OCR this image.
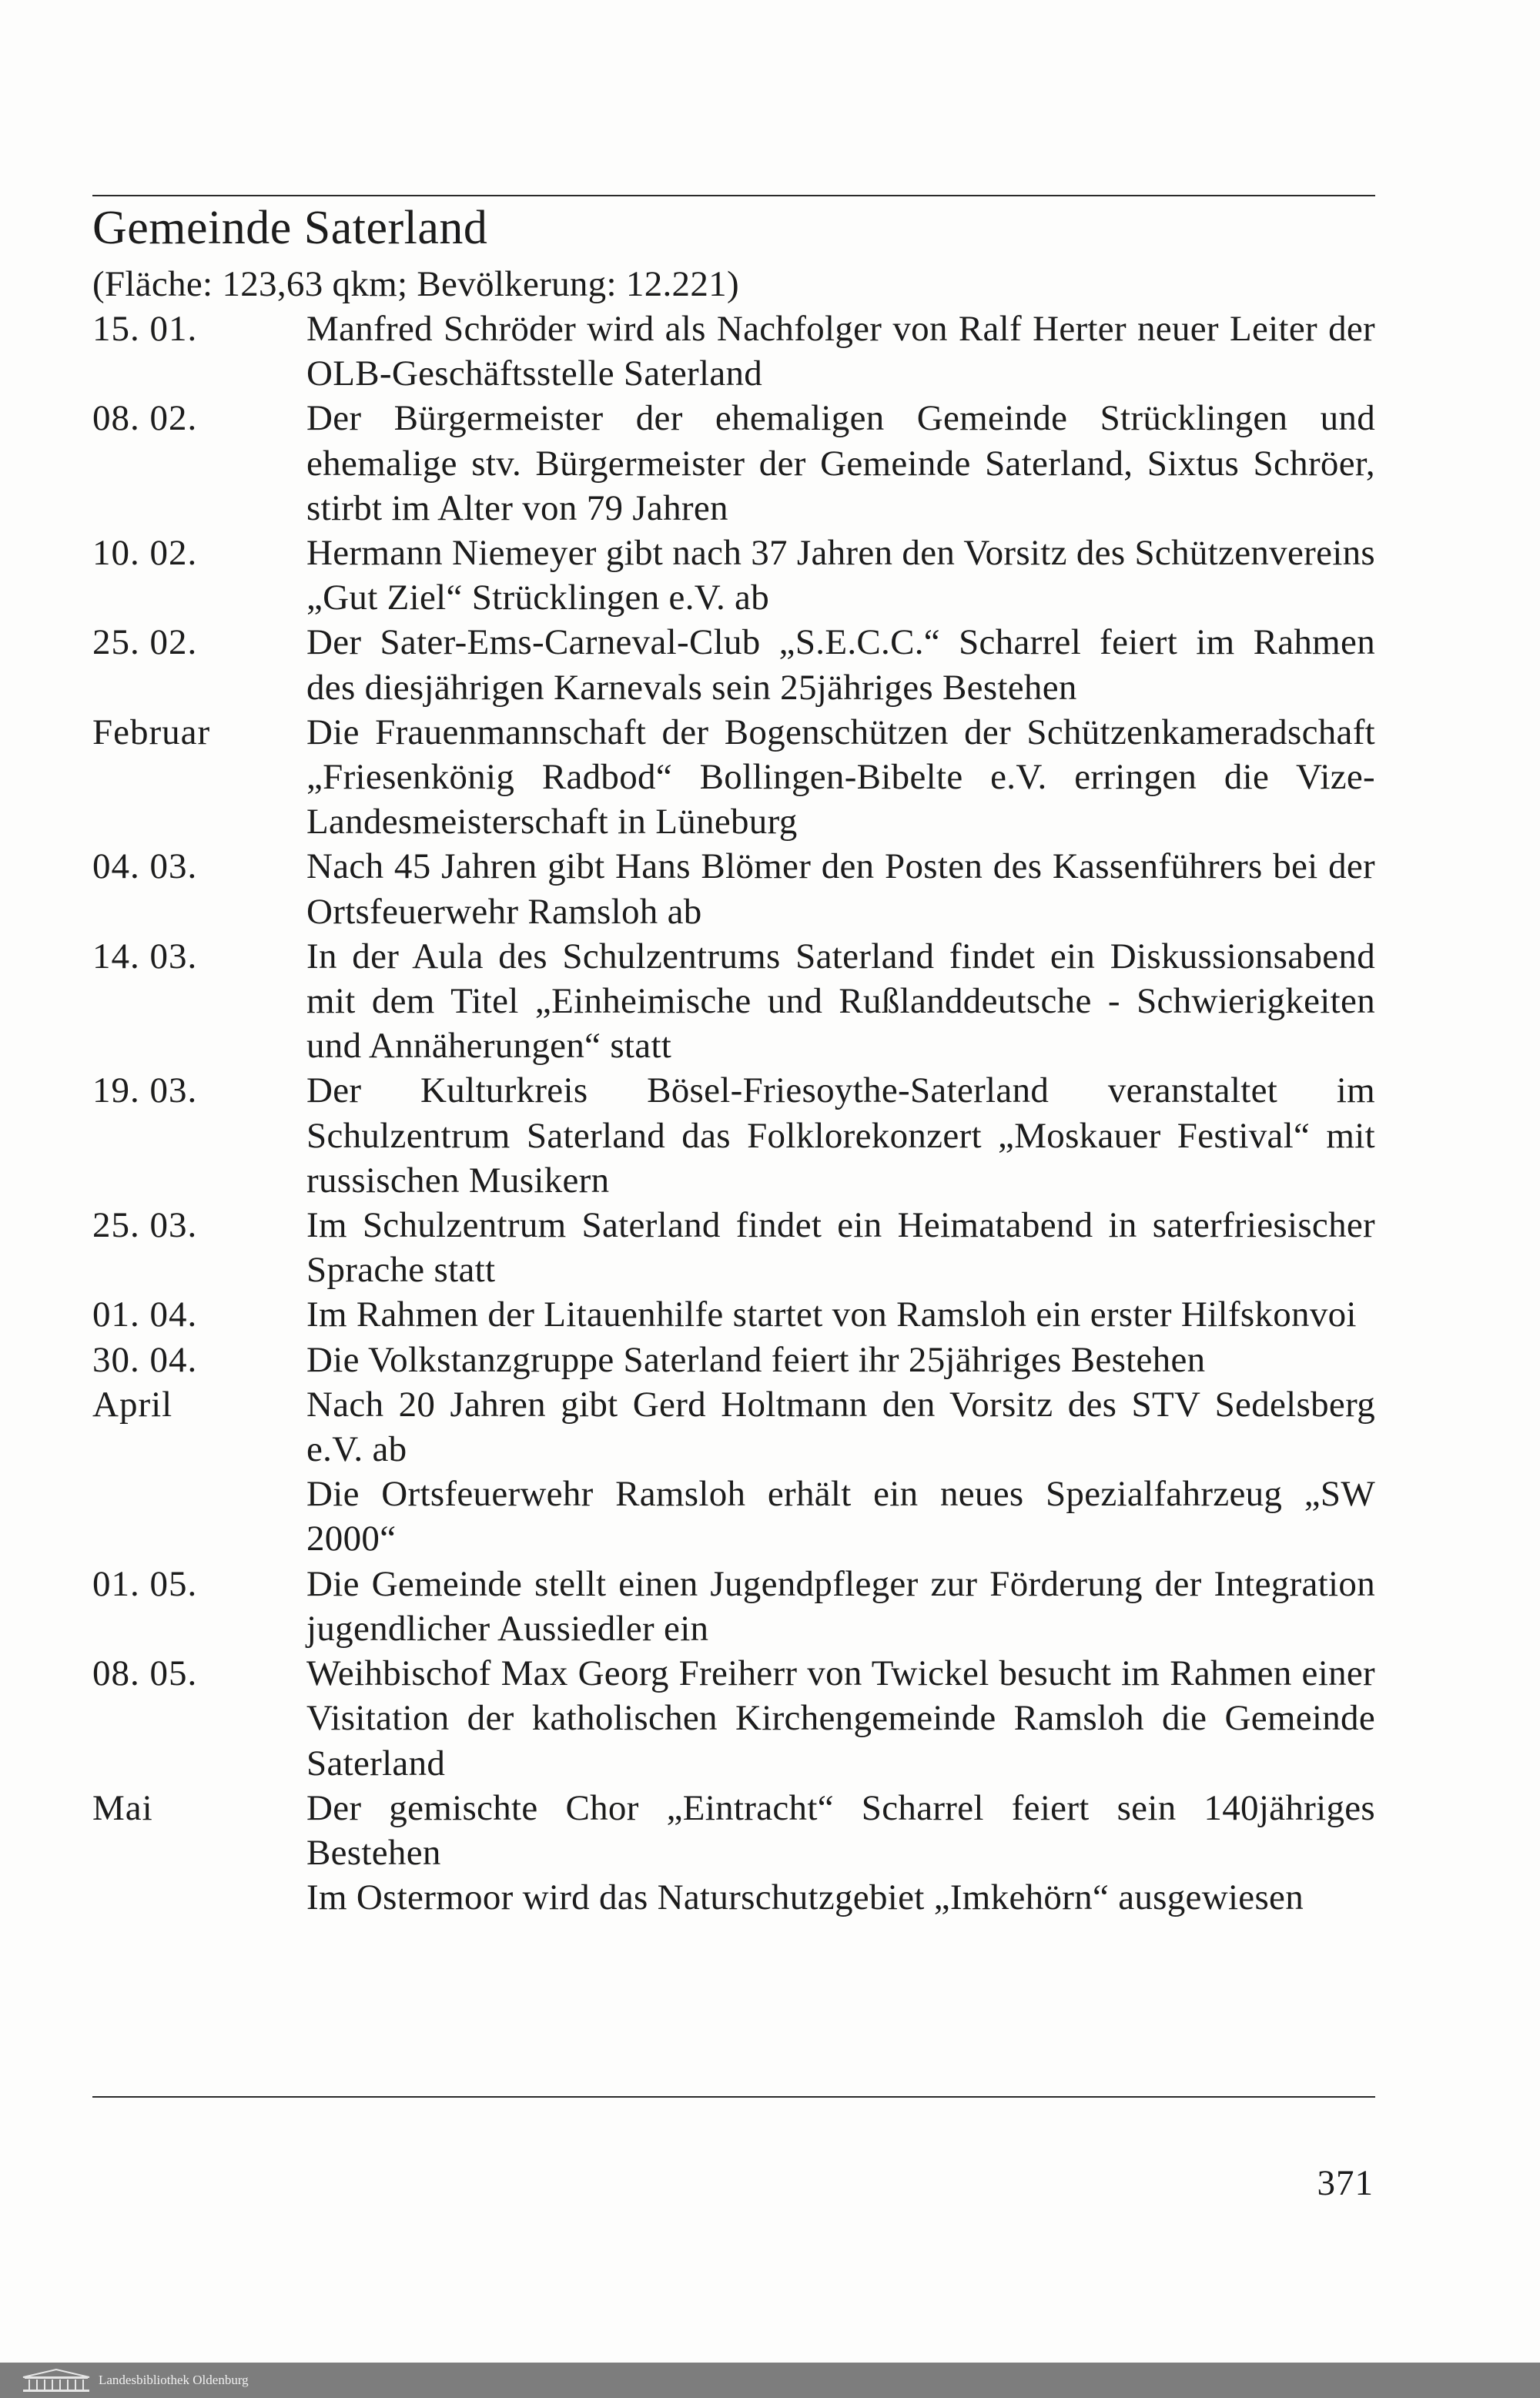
Gemeinde Saterland

(Fläche: 123,63 qkm; Bevölkerung: 12.221)

15. 01.	Manfred Schröder wird als Nachfolger von Ralf Herter neuer Leiter der OLB-Geschäftsstelle Saterland

08. 02.	Der Bürgermeister der ehemaligen Gemeinde Strücklingen und ehemalige stv. Bürgermeister der Gemeinde Saterland, Sixtus Schröer, stirbt im Alter von 79 Jahren

10. 02.	Hermann Niemeyer gibt nach 37 Jahren den Vorsitz des Schützenvereins „Gut Ziel“ Strücklingen e.V. ab

25. 02.	Der Sater-Ems-Carneval-Club „S.E.C.C.“ Scharrel feiert im Rahmen des diesjährigen Karnevals sein 25jähriges Bestehen

Februar	Die Frauenmannschaft der Bogenschützen der Schützenkameradschaft „Friesenkönig Radbod“ Bollingen-Bibelte e.V. erringen die Vize-Landesmeisterschaft in Lüneburg

04. 03.	Nach 45 Jahren gibt Hans Blömer den Posten des Kassenführers bei der Ortsfeuerwehr Ramsloh ab

14. 03.	In der Aula des Schulzentrums Saterland findet ein Diskussionsabend mit dem Titel „Einheimische und Rußlanddeutsche - Schwierigkeiten und Annäherungen“ statt

19. 03.	Der Kulturkreis Bösel-Friesoythe-Saterland veranstaltet im Schulzentrum Saterland das Folklorekonzert „Moskauer Festival“ mit russischen Musikern

25. 03.	Im Schulzentrum Saterland findet ein Heimatabend in saterfriesischer Sprache statt

01. 04.	Im Rahmen der Litauenhilfe startet von Ramsloh ein erster Hilfskonvoi

30. 04.	Die Volkstanzgruppe Saterland feiert ihr 25jähriges Bestehen

April	Nach 20 Jahren gibt Gerd Holtmann den Vorsitz des STV Sedelsberg e.V. ab

Die Ortsfeuerwehr Ramsloh erhält ein neues Spezialfahrzeug „SW 2000“

01. 05.	Die Gemeinde stellt einen Jugendpfleger zur Förderung der Integration jugendlicher Aussiedler ein

08. 05.	Weihbischof Max Georg Freiherr von Twickel besucht im Rahmen einer Visitation der katholischen Kirchengemeinde Ramsloh die Gemeinde Saterland

Mai	Der gemischte Chor „Eintracht“ Scharrel feiert sein 140jähriges Bestehen

Im Ostermoor wird das Naturschutzgebiet „Imkehörn“ ausgewiesen

371
Landesbibliothek Oldenburg
